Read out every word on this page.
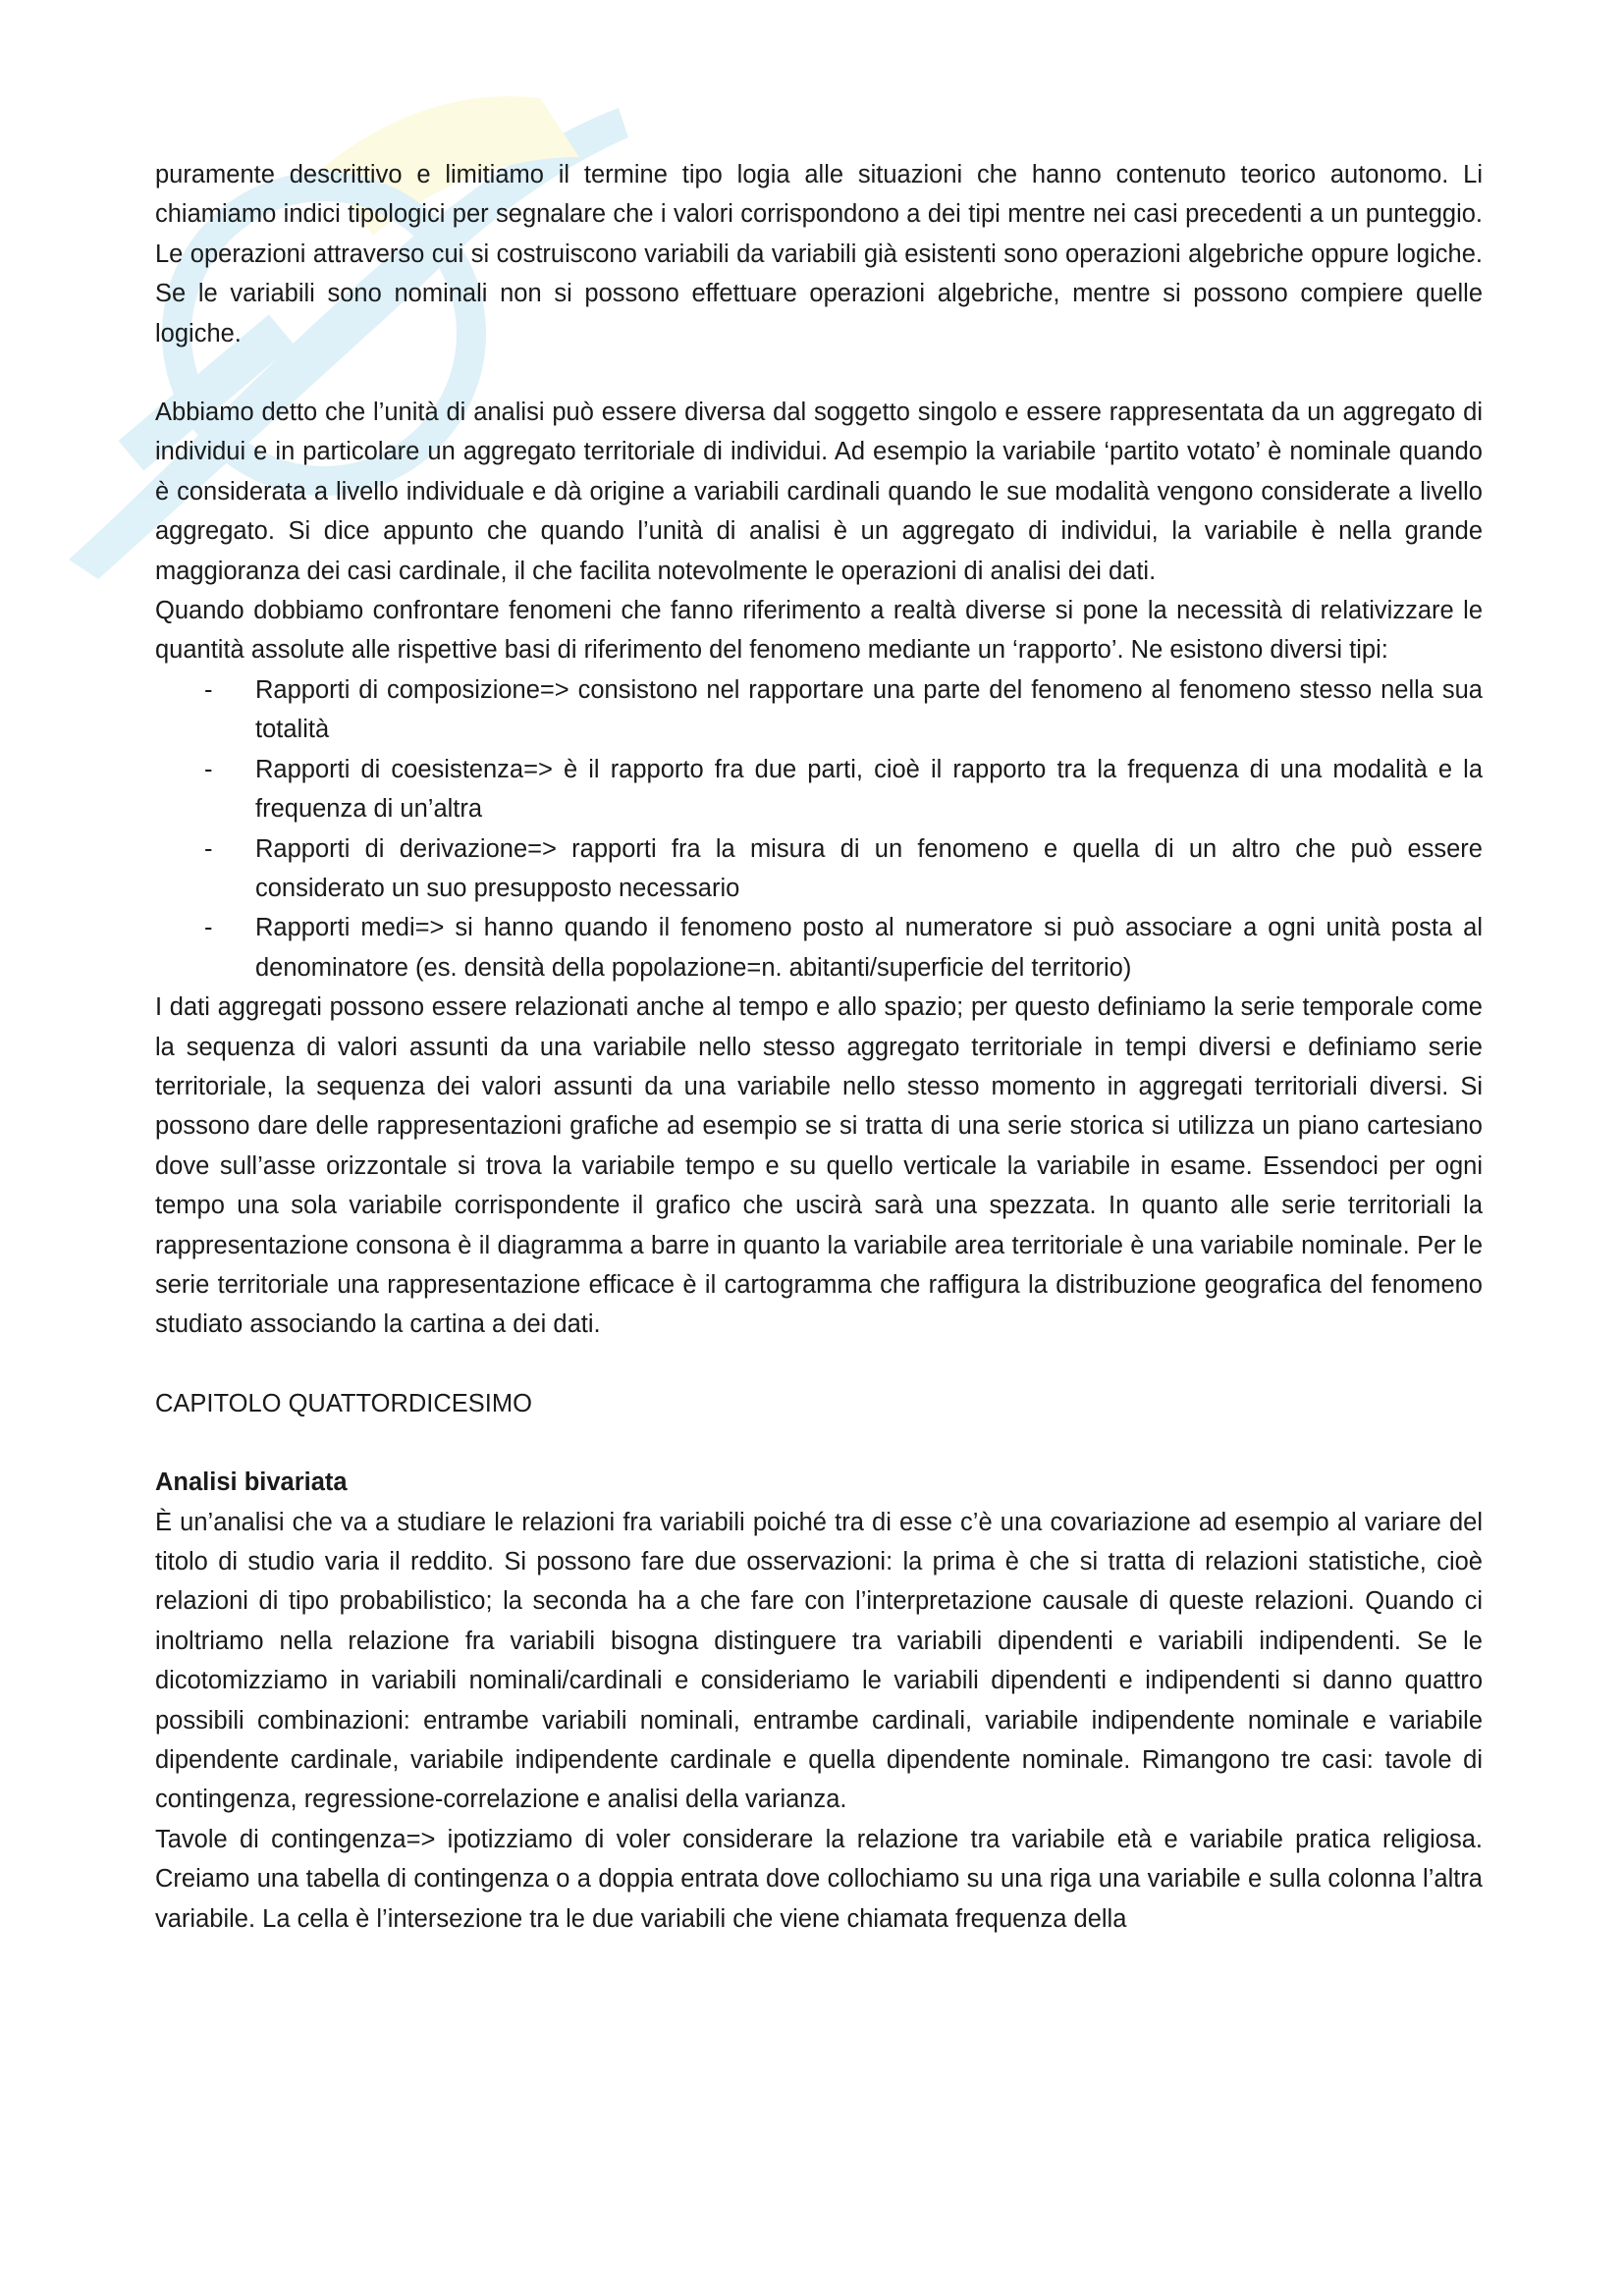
puramente descrittivo e limitiamo il termine tipo logia alle situazioni che hanno contenuto teorico autonomo. Li chiamiamo indici tipologici per segnalare che i valori corrispondono a dei tipi mentre nei casi precedenti a un punteggio. Le operazioni attraverso cui si costruiscono variabili da variabili già esistenti sono operazioni algebriche oppure logiche. Se le variabili sono nominali non si possono effettuare operazioni algebriche, mentre si possono compiere quelle logiche.

Abbiamo detto che l’unità di analisi può essere diversa dal soggetto singolo e essere rappresentata da un aggregato di individui e in particolare un aggregato territoriale di individui. Ad esempio la variabile ‘partito votato’ è nominale quando è considerata a livello individuale e dà origine a variabili cardinali quando le sue modalità vengono considerate a livello aggregato. Si dice appunto che quando l’unità di analisi è un aggregato di individui, la variabile è nella grande maggioranza dei casi cardinale, il che facilita notevolmente le operazioni di analisi dei dati.

Quando dobbiamo confrontare fenomeni che fanno riferimento a realtà diverse si pone la necessità di relativizzare le quantità assolute alle rispettive basi di riferimento del fenomeno mediante un ‘rapporto’. Ne esistono diversi tipi:

- Rapporti di composizione=> consistono nel rapportare una parte del fenomeno al fenomeno stesso nella sua totalità
- Rapporti di coesistenza=> è il rapporto fra due parti, cioè il rapporto tra la frequenza di una modalità e la frequenza di un’altra
- Rapporti di derivazione=> rapporti fra la misura di un fenomeno e quella di un altro che può essere considerato un suo presupposto necessario
- Rapporti medi=> si hanno quando il fenomeno posto al numeratore si può associare a ogni unità posta al denominatore (es. densità della popolazione=n. abitanti/superficie del territorio)

I dati aggregati possono essere relazionati anche al tempo e allo spazio; per questo definiamo la serie temporale come la sequenza di valori assunti da una variabile nello stesso aggregato territoriale in tempi diversi e definiamo serie territoriale, la sequenza dei valori assunti da una variabile nello stesso momento in aggregati territoriali diversi. Si possono dare delle rappresentazioni grafiche ad esempio se si tratta di una serie storica si utilizza un piano cartesiano dove sull’asse orizzontale si trova la variabile tempo e su quello verticale la variabile in esame. Essendoci per ogni tempo una sola variabile corrispondente il grafico che uscirà sarà una spezzata. In quanto alle serie territoriali la rappresentazione consona è il diagramma a barre in quanto la variabile area territoriale è una variabile nominale. Per le serie territoriale una rappresentazione efficace è il cartogramma che raffigura la distribuzione geografica del fenomeno studiato associando la cartina a dei dati.

CAPITOLO QUATTORDICESIMO

Analisi bivariata

È un’analisi che va a studiare le relazioni fra variabili poiché tra di esse c’è una covariazione ad esempio al variare del titolo di studio varia il reddito. Si possono fare due osservazioni: la prima è che si tratta di relazioni statistiche, cioè relazioni di tipo probabilistico; la seconda ha a che fare con l’interpretazione causale di queste relazioni. Quando ci inoltriamo nella relazione fra variabili bisogna distinguere tra variabili dipendenti e variabili indipendenti. Se le dicotomizziamo in variabili nominali/cardinali e consideriamo le variabili dipendenti e indipendenti si danno quattro possibili combinazioni: entrambe variabili nominali, entrambe cardinali, variabile indipendente nominale e variabile dipendente cardinale, variabile indipendente cardinale e quella dipendente nominale. Rimangono tre casi: tavole di contingenza, regressione-correlazione e analisi della varianza.

Tavole di contingenza=> ipotizziamo di voler considerare la relazione tra variabile età e variabile pratica religiosa. Creiamo una tabella di contingenza o a doppia entrata dove collochiamo su una riga una variabile e sulla colonna l’altra variabile. La cella è l’intersezione tra le due variabili che viene chiamata frequenza della
